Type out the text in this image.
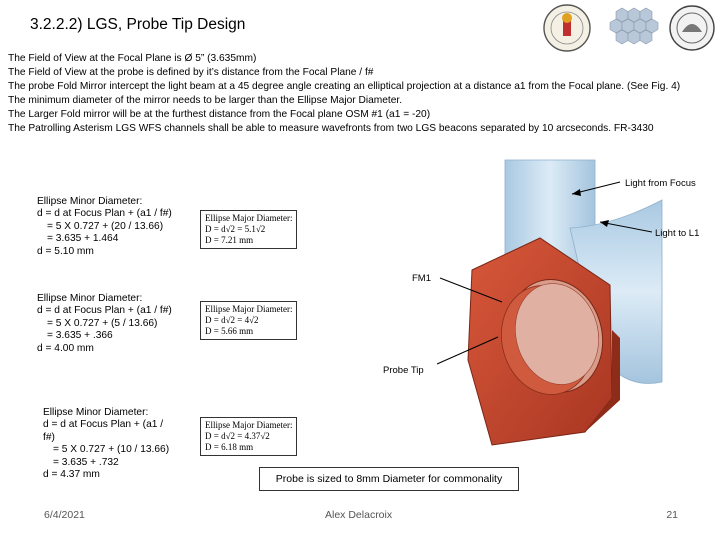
3.2.2.2) LGS, Probe Tip Design

The Field of View at the Focal Plane is Ø 5” (3.635mm)

The Field of View at the probe is defined by it’s distance from the Focal Plane / f#

The probe Fold Mirror intercept the light beam at a 45 degree angle creating an elliptical projection at a distance a1 from the Focal plane. (See Fig. 4)

The minimum diameter of the mirror needs to be larger than the Ellipse Major Diameter.

The Larger Fold mirror will be at the furthest distance from the Focal plane OSM #1 (a1 = -20)

The Patrolling Asterism LGS WFS channels shall be able to measure wavefronts from two LGS beacons separated by 10 arcseconds. FR-3430

Light from Focus
Light to L1
FM1
Probe Tip
Ellipse Minor Diameter:
d = d at Focus Plan + (a1 / f#)
= 5 X 0.727 + (20 / 13.66)
= 3.635 + 1.464
d = 5.10 mm
Ellipse Major Diameter:
D = d√2 = 5.1√2
D = 7.21 mm
Ellipse Minor Diameter:
d = d at Focus Plan + (a1 / f#)
= 5 X 0.727 + (5 / 13.66)
= 3.635 + .366
d = 4.00 mm
Ellipse Major Diameter:
D = d√2 = 4√2
D = 5.66 mm
Ellipse Minor Diameter:
d = d at Focus Plan + (a1 /
f#)
= 5 X 0.727 + (10 / 13.66)
= 3.635 + .732
d = 4.37 mm
Ellipse Major Diameter:
D = d√2 = 4.37√2
D = 6.18 mm
Probe is sized to 8mm Diameter for commonality
6/4/2021	Alex Delacroix	21
